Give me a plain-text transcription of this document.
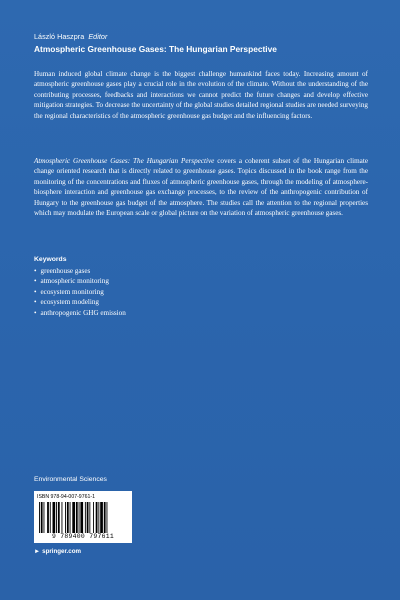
László Haszpra Editor
Atmospheric Greenhouse Gases: The Hungarian Perspective
Human induced global climate change is the biggest challenge humankind faces today. Increasing amount of atmospheric greenhouse gases play a crucial role in the evolution of the climate. Without the understanding of the contributing processes, feedbacks and interactions we cannot predict the future changes and develop effective mitigation strategies. To decrease the uncertainty of the global studies detailed regional studies are needed surveying the regional characteristics of the atmospheric greenhouse gas budget and the influencing factors.
Atmospheric Greenhouse Gases: The Hungarian Perspective covers a coherent subset of the Hungarian climate change oriented research that is directly related to greenhouse gases. Topics discussed in the book range from the monitoring of the concentrations and fluxes of atmospheric greenhouse gases, through the modeling of atmosphere-biosphere interaction and greenhouse gas exchange processes, to the review of the anthropogenic contribution of Hungary to the greenhouse gas budget of the atmosphere. The studies call the attention to the regional properties which may modulate the European scale or global picture on the variation of atmospheric greenhouse gases.
Keywords
• greenhouse gases
• atmospheric monitoring
• ecosystem monitoring
• ecosystem modeling
• anthropogenic GHG emission
Environmental Sciences
ISBN 978-94-007-9761-1
9 789400 797611
► springer.com
